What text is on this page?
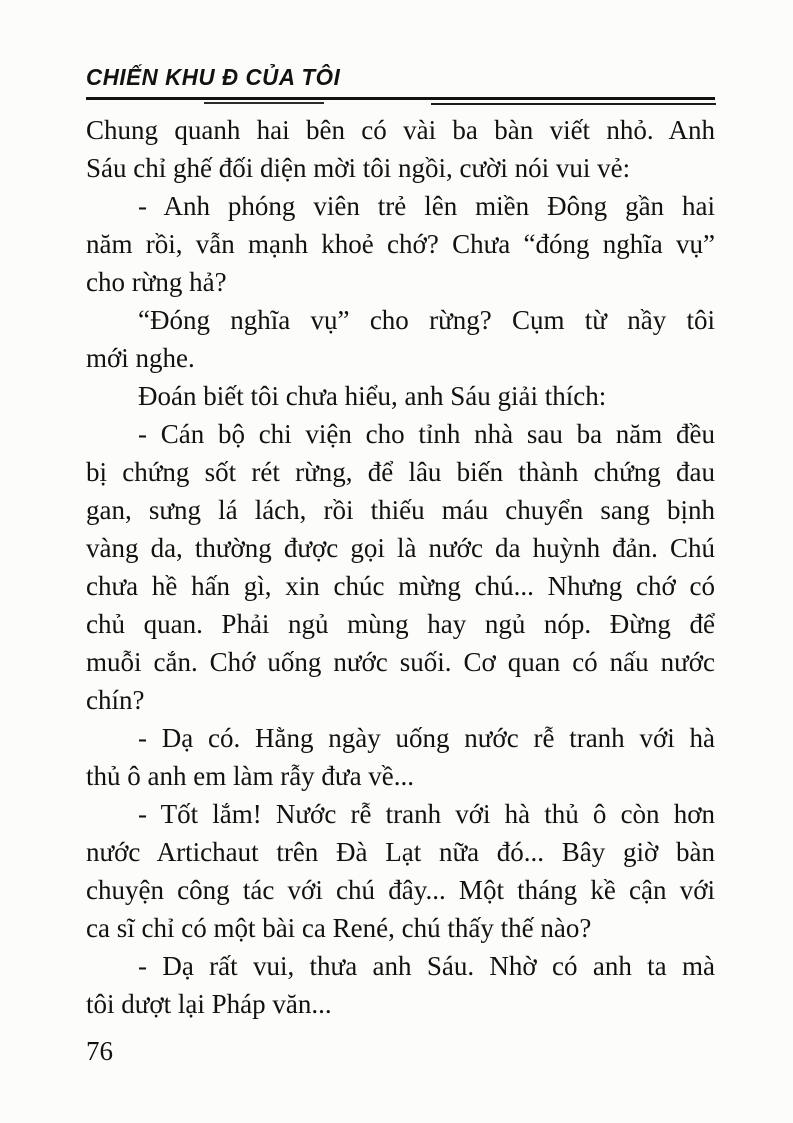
CHIẾN KHU Đ CỦA TÔI
Chung quanh hai bên có vài ba bàn viết nhỏ. Anh
Sáu chỉ ghế đối diện mời tôi ngồi, cười nói vui vẻ:
- Anh phóng viên trẻ lên miền Đông gần hai
năm rồi, vẫn mạnh khoẻ chớ? Chưa “đóng nghĩa vụ”
cho rừng hả?
“Đóng nghĩa vụ” cho rừng? Cụm từ nầy tôi
mới nghe.
Đoán biết tôi chưa hiểu, anh Sáu giải thích:
- Cán bộ chi viện cho tỉnh nhà sau ba năm đều
bị chứng sốt rét rừng, để lâu biến thành chứng đau
gan, sưng lá lách, rồi thiếu máu chuyển sang bịnh
vàng da, thường được gọi là nước da huỳnh đản. Chú
chưa hề hấn gì, xin chúc mừng chú... Nhưng chớ có
chủ quan. Phải ngủ mùng hay ngủ nóp. Đừng để
muỗi cắn. Chớ uống nước suối. Cơ quan có nấu nước
chín?
- Dạ có. Hằng ngày uống nước rễ tranh với hà
thủ ô anh em làm rẫy đưa về...
- Tốt lắm! Nước rễ tranh với hà thủ ô còn hơn
nước Artichaut trên Đà Lạt nữa đó... Bây giờ bàn
chuyện công tác với chú đây... Một tháng kề cận với
ca sĩ chỉ có một bài ca René, chú thấy thế nào?
- Dạ rất vui, thưa anh Sáu. Nhờ có anh ta mà
tôi dượt lại Pháp văn...
76
